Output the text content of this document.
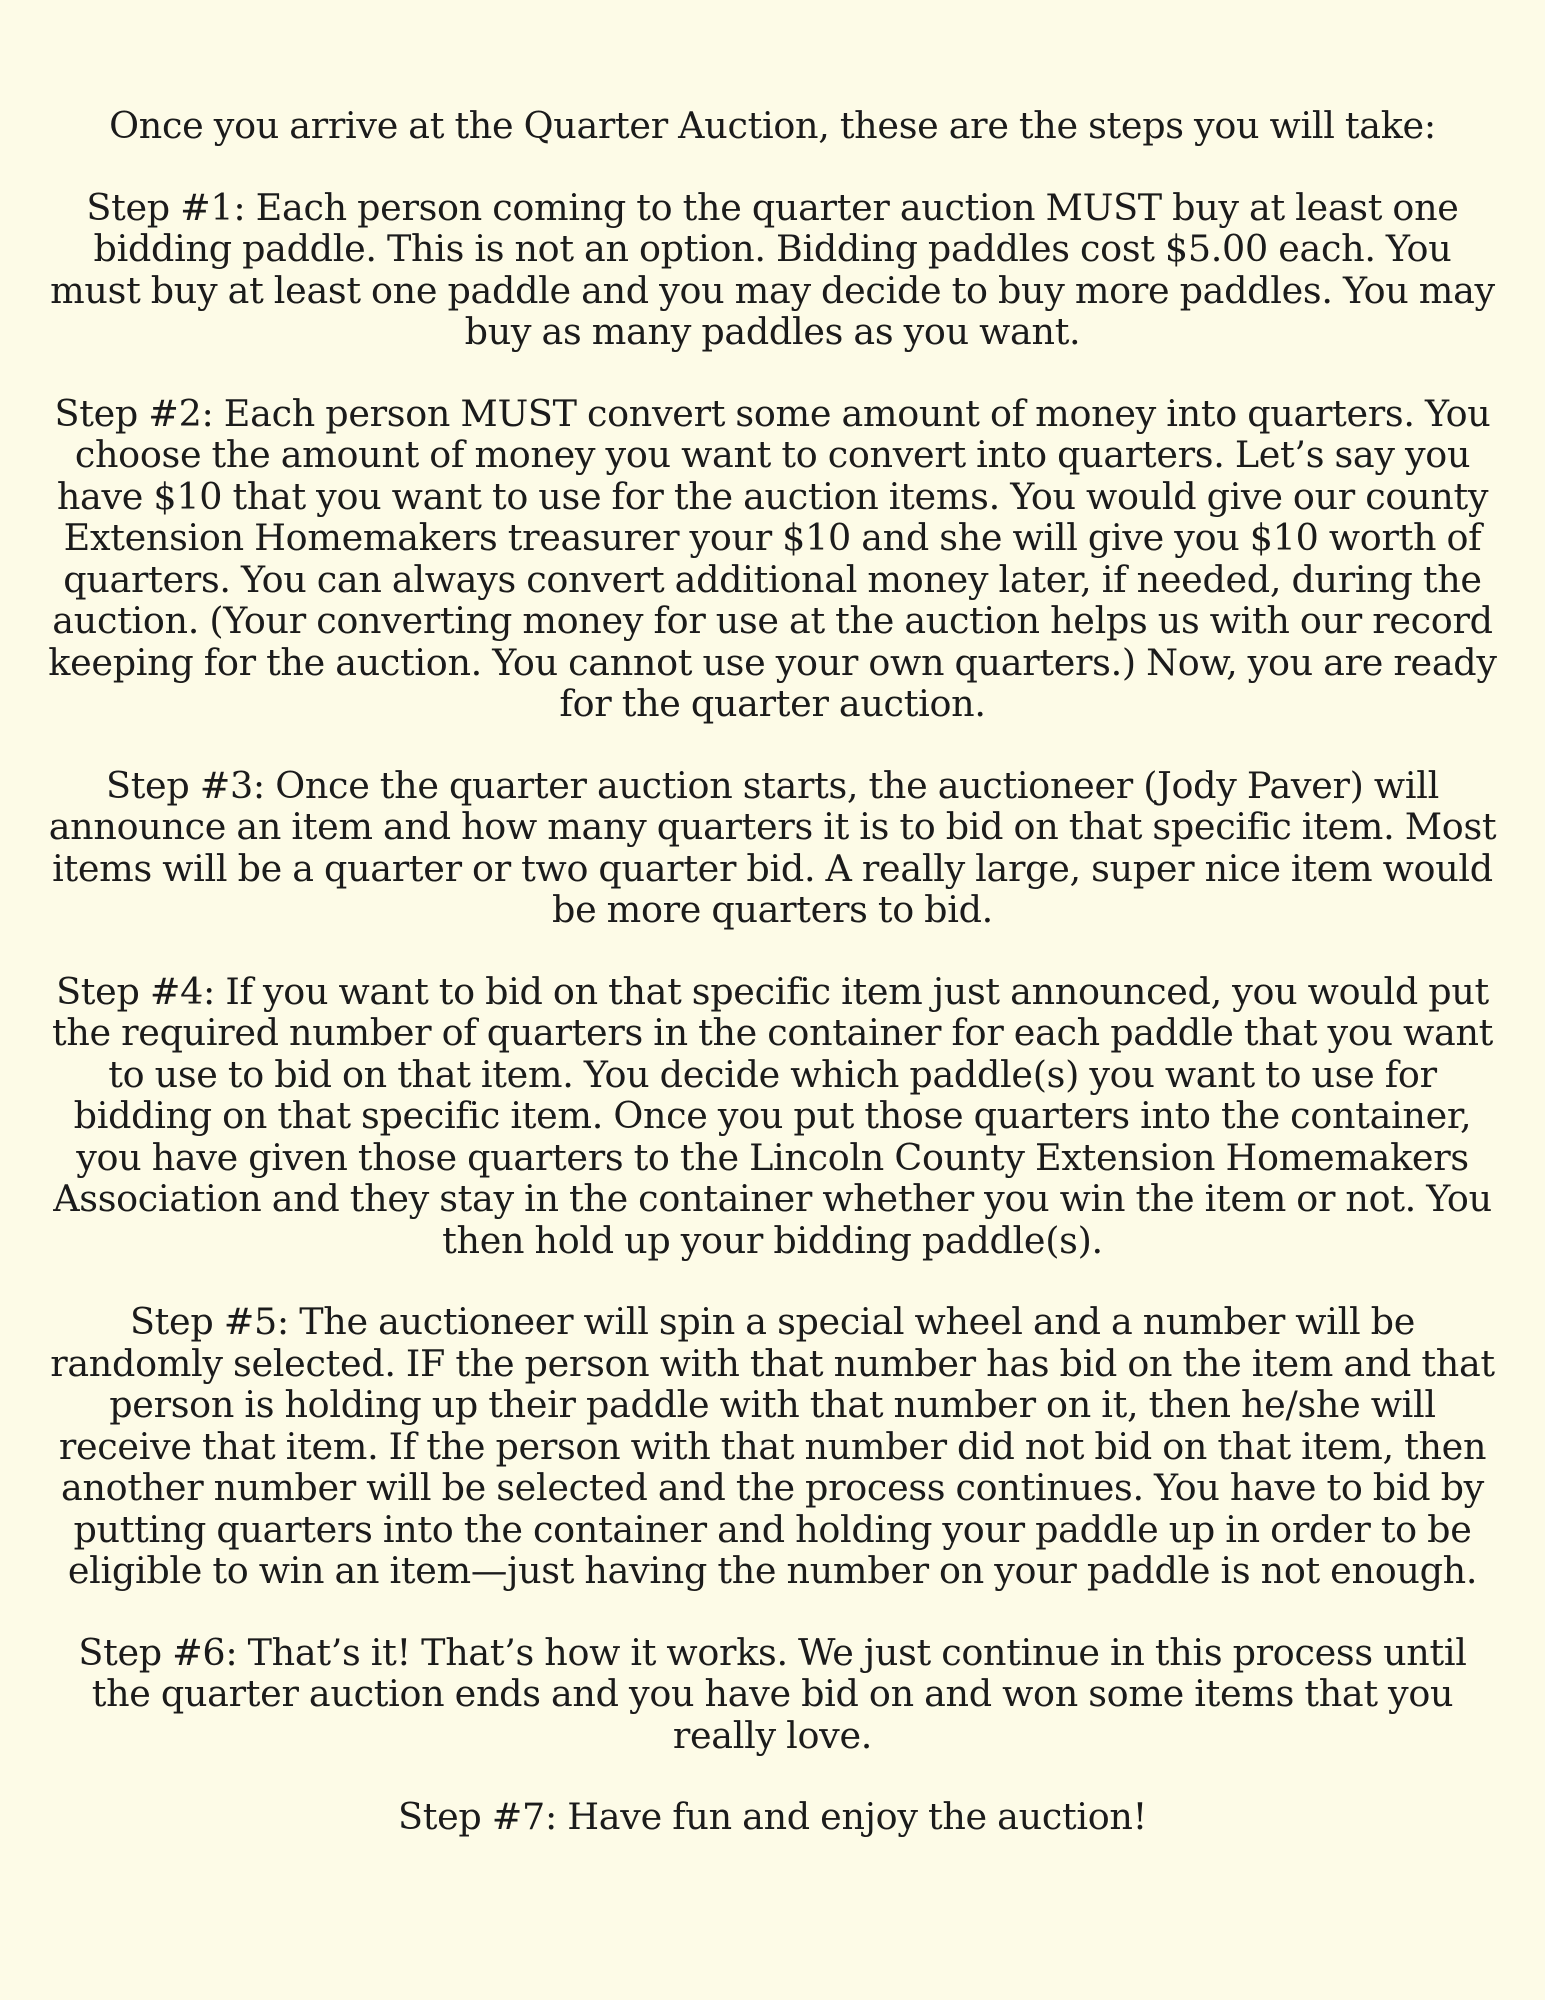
Once you arrive at the Quarter Auction, these are the steps you will take:

Step #1: Each person coming to the quarter auction MUST buy at least one bidding paddle. This is not an option. Bidding paddles cost $5.00 each. You must buy at least one paddle and you may decide to buy more paddles. You may buy as many paddles as you want.

Step #2: Each person MUST convert some amount of money into quarters. You choose the amount of money you want to convert into quarters. Let’s say you have $10 that you want to use for the auction items. You would give our county Extension Homemakers treasurer your $10 and she will give you $10 worth of quarters. You can always convert additional money later, if needed, during the auction. (Your converting money for use at the auction helps us with our record keeping for the auction. You cannot use your own quarters.) Now, you are ready for the quarter auction.

Step #3: Once the quarter auction starts, the auctioneer (Jody Paver) will announce an item and how many quarters it is to bid on that specific item. Most items will be a quarter or two quarter bid. A really large, super nice item would be more quarters to bid.

Step #4: If you want to bid on that specific item just announced, you would put the required number of quarters in the container for each paddle that you want to use to bid on that item. You decide which paddle(s) you want to use for bidding on that specific item. Once you put those quarters into the container, you have given those quarters to the Lincoln County Extension Homemakers Association and they stay in the container whether you win the item or not. You then hold up your bidding paddle(s).

Step #5: The auctioneer will spin a special wheel and a number will be randomly selected. IF the person with that number has bid on the item and that person is holding up their paddle with that number on it, then he/she will receive that item. If the person with that number did not bid on that item, then another number will be selected and the process continues. You have to bid by putting quarters into the container and holding your paddle up in order to be eligible to win an item—just having the number on your paddle is not enough.

Step #6: That’s it! That’s how it works. We just continue in this process until the quarter auction ends and you have bid on and won some items that you really love.

Step #7: Have fun and enjoy the auction!
